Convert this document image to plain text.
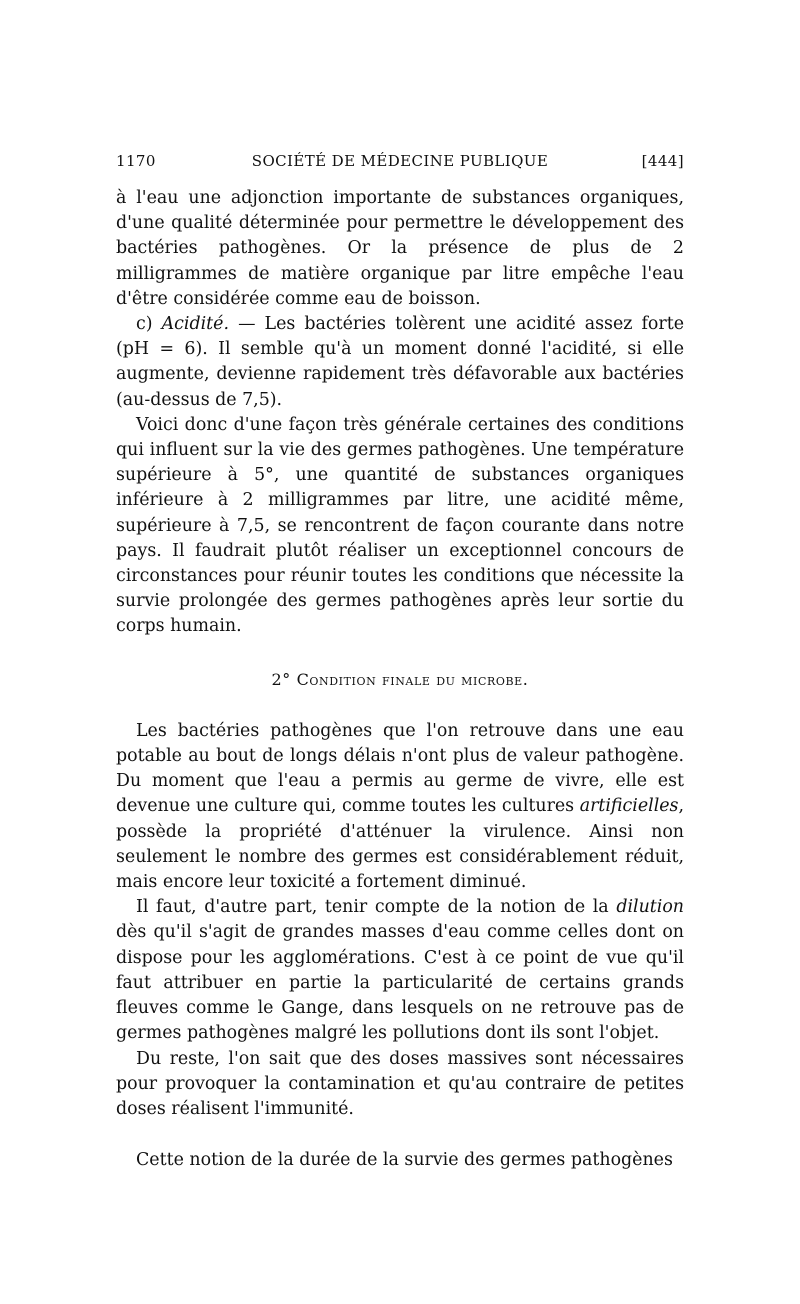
1170	SOCIÉTÉ DE MÉDECINE PUBLIQUE	[444]

à l'eau une adjonction importante de substances organiques, d'une qualité déterminée pour permettre le développement des bactéries pathogènes. Or la présence de plus de 2 milligrammes de matière organique par litre empêche l'eau d'être considérée comme eau de boisson.

c) Acidité. — Les bactéries tolèrent une acidité assez forte (pH = 6). Il semble qu'à un moment donné l'acidité, si elle augmente, devienne rapidement très défavorable aux bactéries (au-dessus de 7,5).

Voici donc d'une façon très générale certaines des conditions qui influent sur la vie des germes pathogènes. Une température supérieure à 5°, une quantité de substances organiques inférieure à 2 milligrammes par litre, une acidité même, supérieure à 7,5, se rencontrent de façon courante dans notre pays. Il faudrait plutôt réaliser un exceptionnel concours de circonstances pour réunir toutes les conditions que nécessite la survie prolongée des germes pathogènes après leur sortie du corps humain.

2° Condition finale du microbe.

Les bactéries pathogènes que l'on retrouve dans une eau potable au bout de longs délais n'ont plus de valeur pathogène. Du moment que l'eau a permis au germe de vivre, elle est devenue une culture qui, comme toutes les cultures artificielles, possède la propriété d'atténuer la virulence. Ainsi non seulement le nombre des germes est considérablement réduit, mais encore leur toxicité a fortement diminué.

Il faut, d'autre part, tenir compte de la notion de la dilution dès qu'il s'agit de grandes masses d'eau comme celles dont on dispose pour les agglomérations. C'est à ce point de vue qu'il faut attribuer en partie la particularité de certains grands fleuves comme le Gange, dans lesquels on ne retrouve pas de germes pathogènes malgré les pollutions dont ils sont l'objet.

Du reste, l'on sait que des doses massives sont nécessaires pour provoquer la contamination et qu'au contraire de petites doses réalisent l'immunité.

Cette notion de la durée de la survie des germes pathogènes
